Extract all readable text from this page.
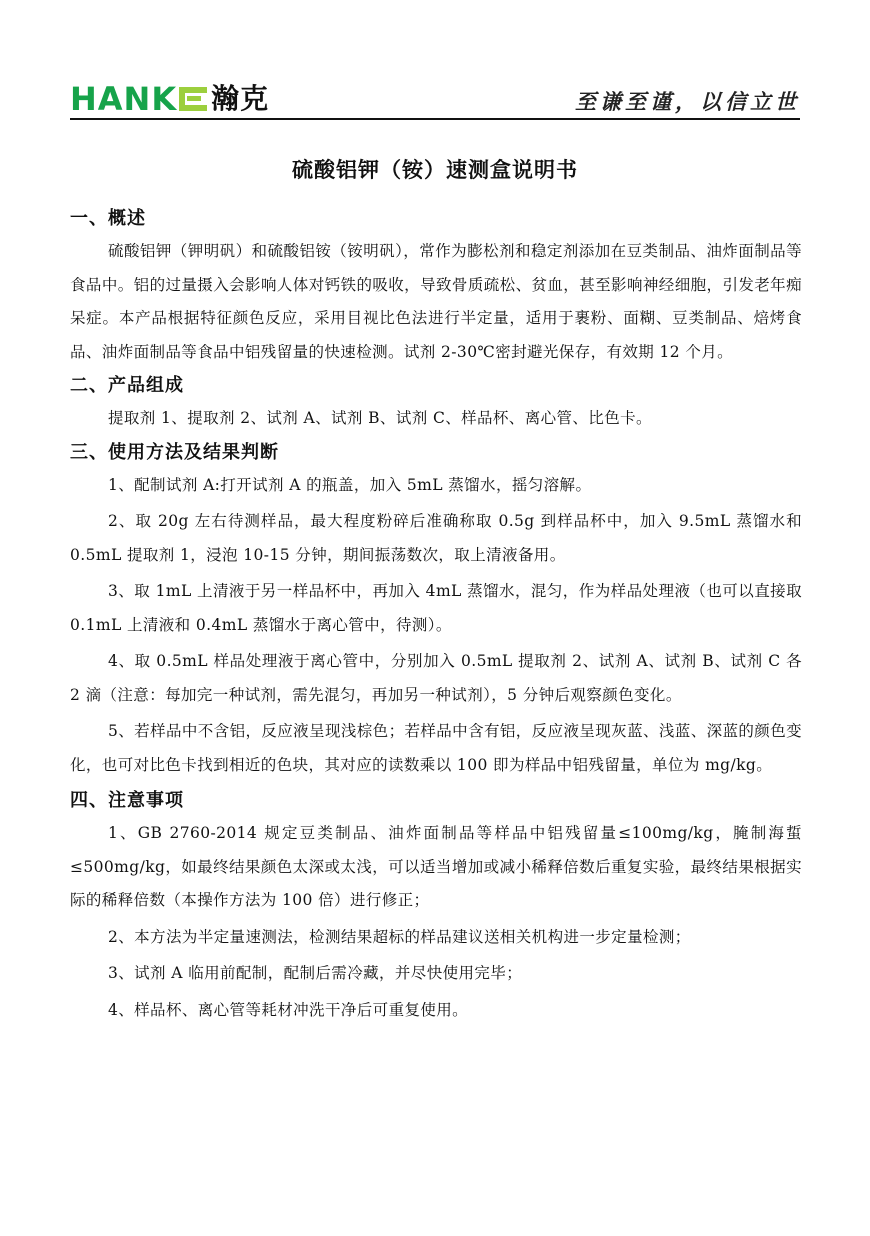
HANK 瀚克	至谦至谨，以信立世
硫酸铝钾（铵）速测盒说明书
一、概述

硫酸铝钾（钾明矾）和硫酸铝铵（铵明矾），常作为膨松剂和稳定剂添加在豆类制品、油炸面制品等食品中。铝的过量摄入会影响人体对钙铁的吸收，导致骨质疏松、贫血，甚至影响神经细胞，引发老年痴呆症。本产品根据特征颜色反应，采用目视比色法进行半定量，适用于裹粉、面糊、豆类制品、焙烤食品、油炸面制品等食品中铝残留量的快速检测。试剂 2-30℃密封避光保存，有效期 12 个月。

二、产品组成

提取剂 1、提取剂 2、试剂 A、试剂 B、试剂 C、样品杯、离心管、比色卡。

三、使用方法及结果判断

1、配制试剂 A:打开试剂 A 的瓶盖，加入 5mL 蒸馏水，摇匀溶解。

2、取 20g 左右待测样品，最大程度粉碎后准确称取 0.5g 到样品杯中，加入 9.5mL 蒸馏水和 0.5mL 提取剂 1，浸泡 10-15 分钟，期间振荡数次，取上清液备用。

3、取 1mL 上清液于另一样品杯中，再加入 4mL 蒸馏水，混匀，作为样品处理液（也可以直接取 0.1mL 上清液和 0.4mL 蒸馏水于离心管中，待测）。

4、取 0.5mL 样品处理液于离心管中，分别加入 0.5mL 提取剂 2、试剂 A、试剂 B、试剂 C 各 2 滴（注意：每加完一种试剂，需先混匀，再加另一种试剂），5 分钟后观察颜色变化。

5、若样品中不含铝，反应液呈现浅棕色；若样品中含有铝，反应液呈现灰蓝、浅蓝、深蓝的颜色变化，也可对比色卡找到相近的色块，其对应的读数乘以 100 即为样品中铝残留量，单位为 mg/kg。

四、注意事项

1、GB 2760-2014 规定豆类制品、油炸面制品等样品中铝残留量≤100mg/kg，腌制海蜇≤500mg/kg，如最终结果颜色太深或太浅，可以适当增加或减小稀释倍数后重复实验，最终结果根据实际的稀释倍数（本操作方法为 100 倍）进行修正；

2、本方法为半定量速测法，检测结果超标的样品建议送相关机构进一步定量检测；

3、试剂 A 临用前配制，配制后需冷藏，并尽快使用完毕；

4、样品杯、离心管等耗材冲洗干净后可重复使用。
